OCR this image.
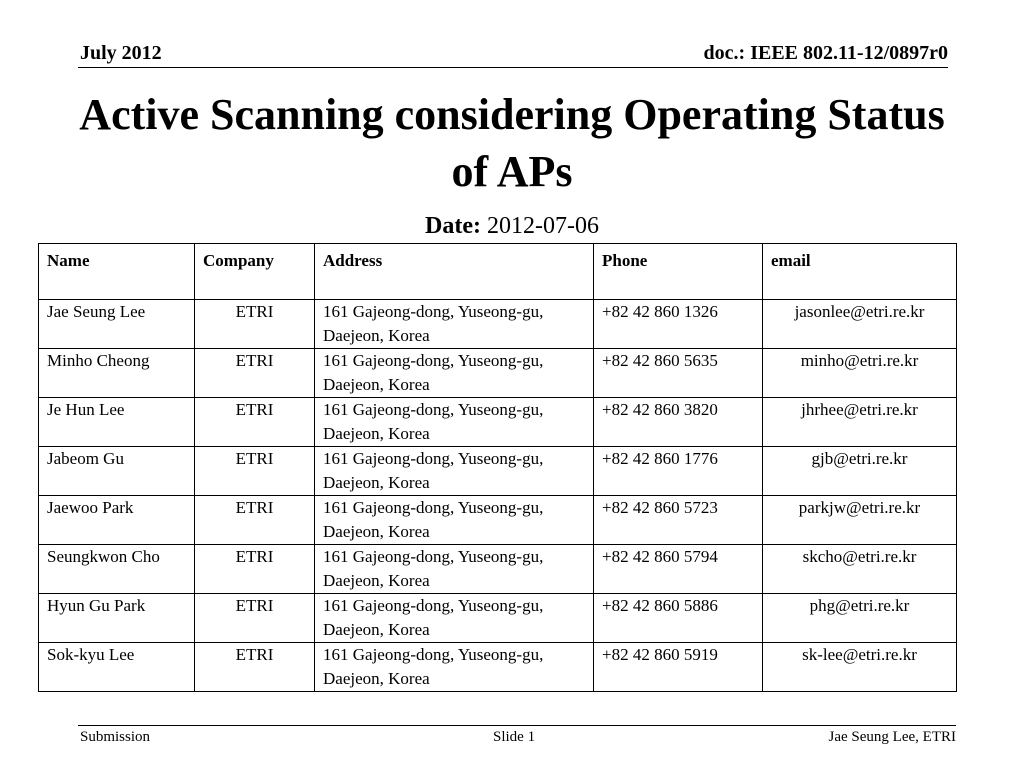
July 2012	doc.: IEEE 802.11-12/0897r0
Active Scanning considering Operating Status of APs
Date: 2012-07-06
Name	Company	Address	Phone	email
Jae Seung Lee	ETRI	161 Gajeong-dong, Yuseong-gu, Daejeon, Korea	+82 42 860 1326	jasonlee@etri.re.kr
Minho Cheong	ETRI	161 Gajeong-dong, Yuseong-gu, Daejeon, Korea	+82 42 860 5635	minho@etri.re.kr
Je Hun Lee	ETRI	161 Gajeong-dong, Yuseong-gu, Daejeon, Korea	+82 42 860 3820	jhrhee@etri.re.kr
Jabeom Gu	ETRI	161 Gajeong-dong, Yuseong-gu, Daejeon, Korea	+82 42 860 1776	gjb@etri.re.kr
Jaewoo Park	ETRI	161 Gajeong-dong, Yuseong-gu, Daejeon, Korea	+82 42 860 5723	parkjw@etri.re.kr
Seungkwon Cho	ETRI	161 Gajeong-dong, Yuseong-gu, Daejeon, Korea	+82 42 860 5794	skcho@etri.re.kr
Hyun Gu Park	ETRI	161 Gajeong-dong, Yuseong-gu, Daejeon, Korea	+82 42 860 5886	phg@etri.re.kr
Sok-kyu Lee	ETRI	161 Gajeong-dong, Yuseong-gu, Daejeon, Korea	+82 42 860 5919	sk-lee@etri.re.kr
Submission	Slide 1	Jae Seung Lee, ETRI
